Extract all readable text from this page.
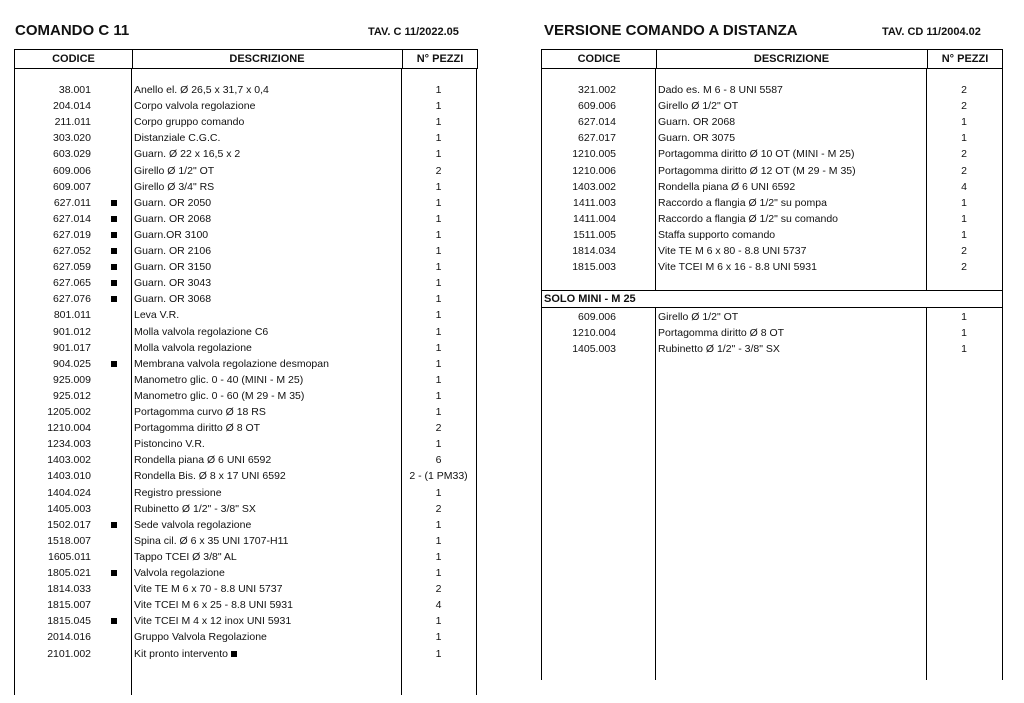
COMANDO C 11	TAV. C 11/2022.05
CODICE	DESCRIZIONE	N° PEZZI
38.001	Anello el. Ø 26,5 x 31,7 x 0,4	1
204.014	Corpo valvola regolazione	1
211.011	Corpo gruppo comando	1
303.020	Distanziale C.G.C.	1
603.029	Guarn. Ø 22 x 16,5 x 2	1
609.006	Girello Ø 1/2" OT	2
609.007	Girello Ø 3/4" RS	1
627.011	Guarn. OR 2050	1
627.014	Guarn. OR 2068	1
627.019	Guarn.OR 3100	1
627.052	Guarn. OR 2106	1
627.059	Guarn. OR 3150	1
627.065	Guarn. OR 3043	1
627.076	Guarn. OR 3068	1
801.011	Leva V.R.	1
901.012	Molla valvola regolazione C6	1
901.017	Molla valvola regolazione	1
904.025	Membrana valvola regolazione desmopan	1
925.009	Manometro glic. 0 - 40 (MINI - M 25)	1
925.012	Manometro glic. 0 - 60 (M 29 - M 35)	1
1205.002	Portagomma curvo Ø 18 RS	1
1210.004	Portagomma diritto Ø 8 OT	2
1234.003	Pistoncino V.R.	1
1403.002	Rondella piana Ø 6 UNI 6592	6
1403.010	Rondella Bis. Ø 8 x 17 UNI 6592	2 - (1 PM33)
1404.024	Registro pressione	1
1405.003	Rubinetto Ø 1/2" - 3/8" SX	2
1502.017	Sede valvola regolazione	1
1518.007	Spina cil. Ø 6 x 35 UNI 1707-H11	1
1605.011	Tappo TCEI Ø 3/8" AL	1
1805.021	Valvola regolazione	1
1814.033	Vite TE M 6 x 70 - 8.8 UNI 5737	2
1815.007	Vite TCEI M 6 x 25 - 8.8 UNI 5931	4
1815.045	Vite TCEI M 4 x 12 inox UNI 5931	1
2014.016	Gruppo Valvola Regolazione	1
2101.002	Kit pronto intervento	1
VERSIONE COMANDO A DISTANZA	TAV. CD 11/2004.02
CODICE	DESCRIZIONE	N° PEZZI
SOLO MINI - M 25
321.002	Dado es. M 6 - 8 UNI 5587	2
609.006	Girello Ø 1/2" OT	2
627.014	Guarn. OR 2068	1
627.017	Guarn. OR 3075	1
1210.005	Portagomma diritto Ø 10 OT (MINI - M 25)	2
1210.006	Portagomma diritto Ø 12 OT (M 29 - M 35)	2
1403.002	Rondella piana Ø 6 UNI 6592	4
1411.003	Raccordo a flangia Ø 1/2" su pompa	1
1411.004	Raccordo a flangia Ø 1/2" su comando	1
1511.005	Staffa supporto comando	1
1814.034	Vite TE M 6 x 80 - 8.8 UNI 5737	2
1815.003	Vite TCEI M 6 x 16 - 8.8 UNI 5931	2
609.006	Girello Ø 1/2" OT	1
1210.004	Portagomma diritto Ø 8 OT	1
1405.003	Rubinetto Ø 1/2" - 3/8" SX	1
